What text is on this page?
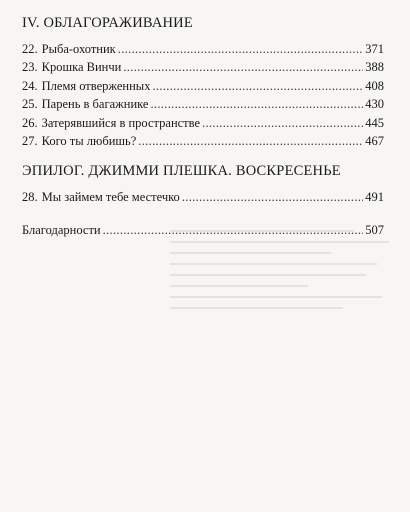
IV. ОБЛАГОРАЖИВАНИЕ
22. Рыба-охотник . . .	371
23. Крошка Винчи . . .	388
24. Племя отверженных . . .	408
25. Парень в багажнике . . .	430
26. Затерявшийся в пространстве . . .	445
27. Кого ты любишь? . . .	467
ЭПИЛОГ. ДЖИММИ ПЛЕШКА. ВОСКРЕСЕНЬЕ
28. Мы займем тебе местечко . . .	491
Благодарности . . .	507
